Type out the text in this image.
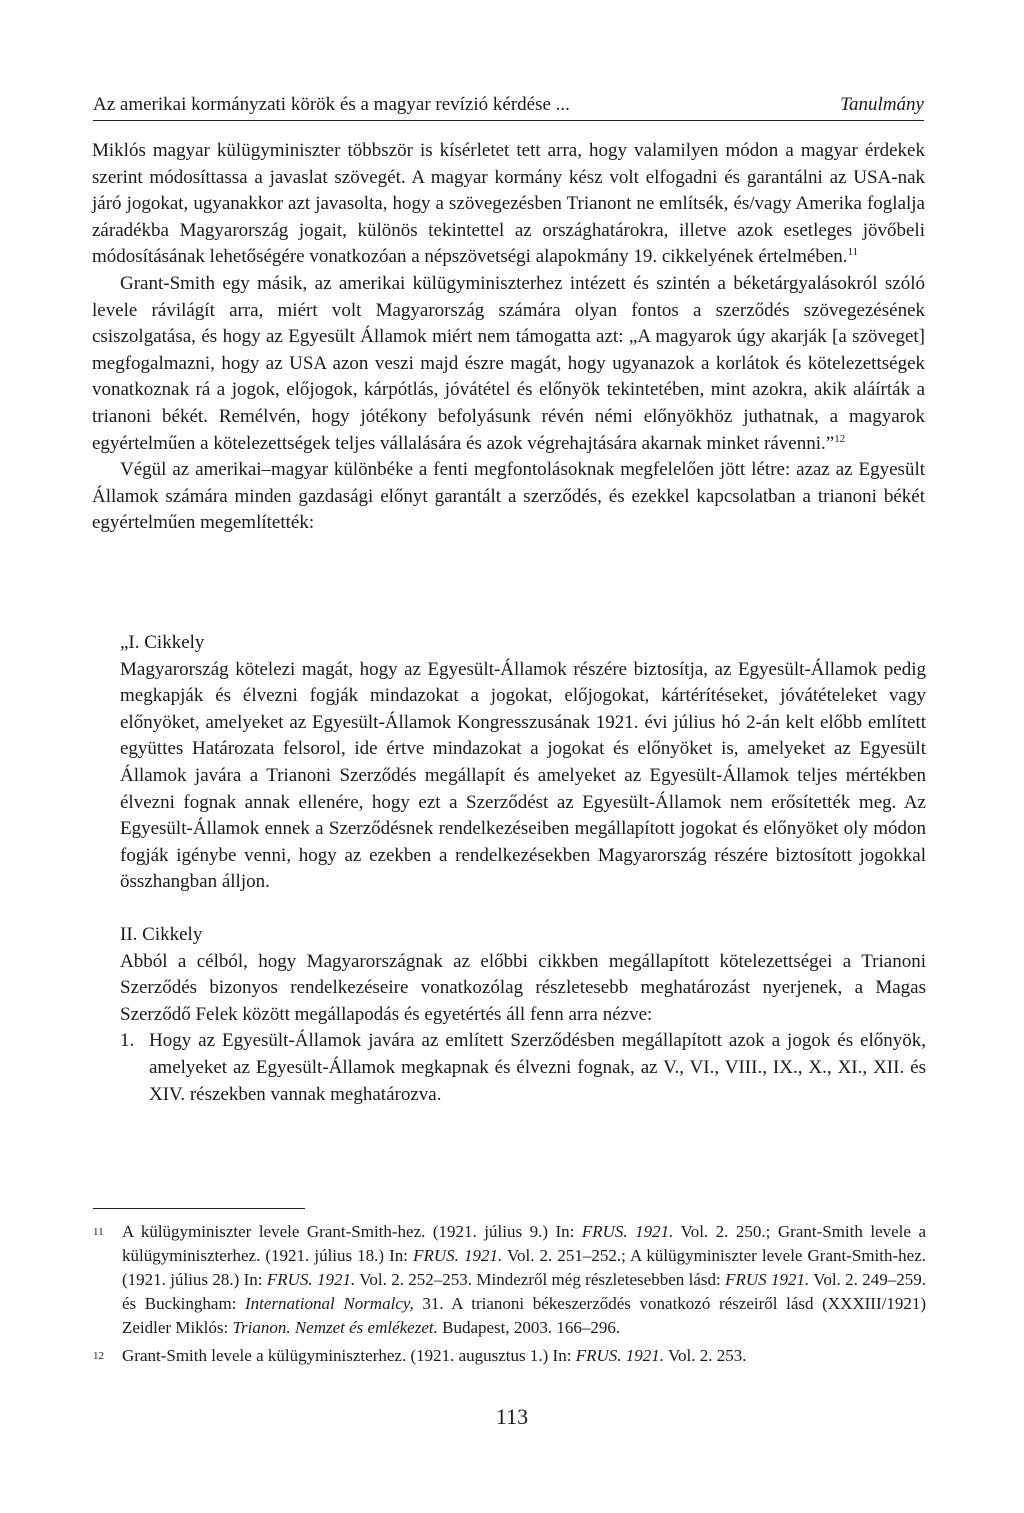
Az amerikai kormányzati körök és a magyar revízió kérdése ...	Tanulmány

Miklós magyar külügyminiszter többször is kísérletet tett arra, hogy valamilyen módon a magyar érdekek szerint módosíttassa a javaslat szövegét. A magyar kormány kész volt elfogadni és garantálni az USA-nak járó jogokat, ugyanakkor azt javasolta, hogy a szövegezésben Trianont ne említsék, és/vagy Amerika foglalja záradékba Magyarország jogait, különös tekintettel az országhatárokra, illetve azok esetleges jövőbeli módosításának lehetőségére vonatkozóan a népszövetségi alapokmány 19. cikkelyének értelmében.$^{11}$

Grant-Smith egy másik, az amerikai külügyminiszterhez intézett és szintén a béketárgyalásokról szóló levele rávilágít arra, miért volt Magyarország számára olyan fontos a szerződés szövegezésének csiszolgatása, és hogy az Egyesült Államok miért nem támogatta azt: „A magyarok úgy akarják [a szöveget] megfogalmazni, hogy az USA azon veszi majd észre magát, hogy ugyanazok a korlátok és kötelezettségek vonatkoznak rá a jogok, előjogok, kárpótlás, jóvátétel és előnyök tekintetében, mint azokra, akik aláírták a trianoni békét. Remélvén, hogy jótékony befolyásunk révén némi előnyökhöz juthatnak, a magyarok egyértelműen a kötelezettségek teljes vállalására és azok végrehajtására akarnak minket rávenni.”$^{12}$

Végül az amerikai–magyar különbéke a fenti megfontolásoknak megfelelően jött létre: azaz az Egyesült Államok számára minden gazdasági előnyt garantált a szerződés, és ezekkel kapcsolatban a trianoni békét egyértelműen megemlítették:

„I. Cikkely

Magyarország kötelezi magát, hogy az Egyesült-Államok részére biztosítja, az Egyesült-Államok pedig megkapják és élvezni fogják mindazokat a jogokat, előjogokat, kártérítéseket, jóvátételeket vagy előnyöket, amelyeket az Egyesült-Államok Kongresszusának 1921. évi július hó 2-án kelt előbb említett együttes Határozata felsorol, ide értve mindazokat a jogokat és előnyöket is, amelyeket az Egyesült Államok javára a Trianoni Szerződés megállapít és amelyeket az Egyesült-Államok teljes mértékben élvezni fognak annak ellenére, hogy ezt a Szerződést az Egyesült-Államok nem erősítették meg. Az Egyesült-Államok ennek a Szerződésnek rendelkezéseiben megállapított jogokat és előnyöket oly módon fogják igénybe venni, hogy az ezekben a rendelkezésekben Magyarország részére biztosított jogokkal összhangban álljon.

II. Cikkely

Abból a célból, hogy Magyarországnak az előbbi cikkben megállapított kötelezettségei a Trianoni Szerződés bizonyos rendelkezéseire vonatkozólag részletesebb meghatározást nyerjenek, a Magas Szerződő Felek között megállapodás és egyetértés áll fenn arra nézve:

1. Hogy az Egyesült-Államok javára az említett Szerződésben megállapított azok a jogok és előnyök, amelyeket az Egyesült-Államok megkapnak és élvezni fognak, az V., VI., VIII., IX., X., XI., XII. és XIV. részekben vannak meghatározva.
11	A külügyminiszter levele Grant-Smith-hez. (1921. július 9.) In: FRUS. 1921. Vol. 2. 250.; Grant-Smith levele a külügyminiszterhez. (1921. július 18.) In: FRUS. 1921. Vol. 2. 251–252.; A külügyminiszter levele Grant-Smith-hez. (1921. július 28.) In: FRUS. 1921. Vol. 2. 252–253. Mindezről még részletesebben lásd: FRUS 1921. Vol. 2. 249–259. és Buckingham: International Normalcy, 31. A trianoni békeszerződés vonatkozó részeiről lásd (XXXIII/1921) Zeidler Miklós: Trianon. Nemzet és emlékezet. Budapest, 2003. 166–296.
12	Grant-Smith levele a külügyminiszterhez. (1921. augusztus 1.) In: FRUS. 1921. Vol. 2. 253.
113
